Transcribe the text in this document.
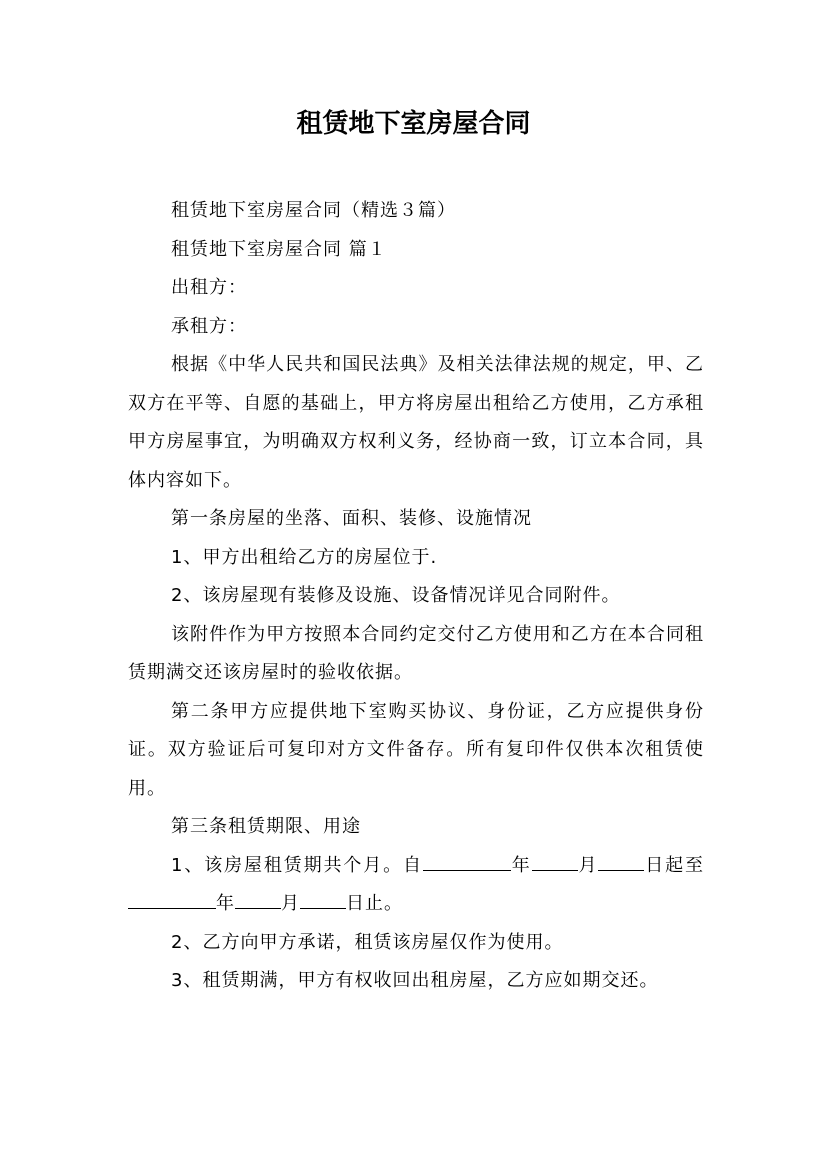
租赁地下室房屋合同

租赁地下室房屋合同（精选３篇）

租赁地下室房屋合同 篇１

出租方：

承租方：

根据《中华人民共和国民法典》及相关法律法规的规定，甲、乙双方在平等、自愿的基础上，甲方将房屋出租给乙方使用，乙方承租甲方房屋事宜，为明确双方权利义务，经协商一致，订立本合同，具体内容如下。

第一条房屋的坐落、面积、装修、设施情况

1、甲方出租给乙方的房屋位于.

2、该房屋现有装修及设施、设备情况详见合同附件。

该附件作为甲方按照本合同约定交付乙方使用和乙方在本合同租赁期满交还该房屋时的验收依据。

第二条甲方应提供地下室购买协议、身份证，乙方应提供身份证。双方验证后可复印对方文件备存。所有复印件仅供本次租赁使用。

第三条租赁期限、用途

1、该房屋租赁期共个月。自	年	月	日起至年	月	日止。

2、乙方向甲方承诺，租赁该房屋仅作为使用。

3、租赁期满，甲方有权收回出租房屋，乙方应如期交还。
